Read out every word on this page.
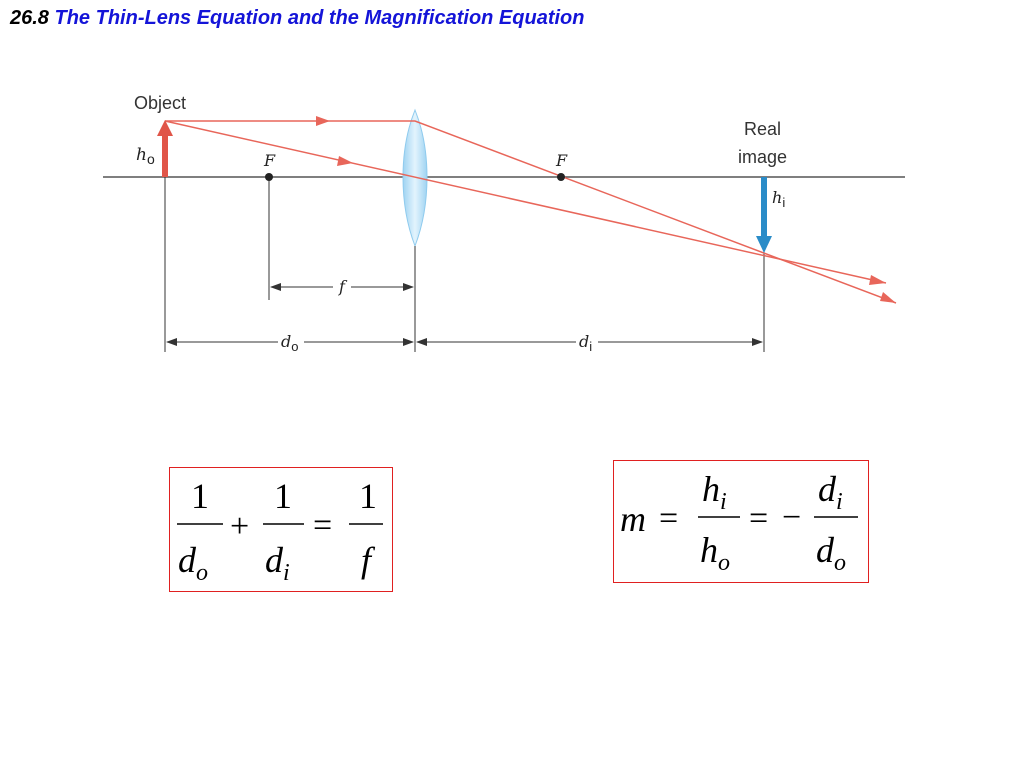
26.8 The Thin-Lens Equation and the Magnification Equation
Object
Real
image
$h_o$
$h_i$
F	F
f
$d_o$	$d_i$
1
$d_o$
+
1
$d_i$
=
1
f
m =
$h_i$
$h_o$
= −
$d_i$
$d_o$
